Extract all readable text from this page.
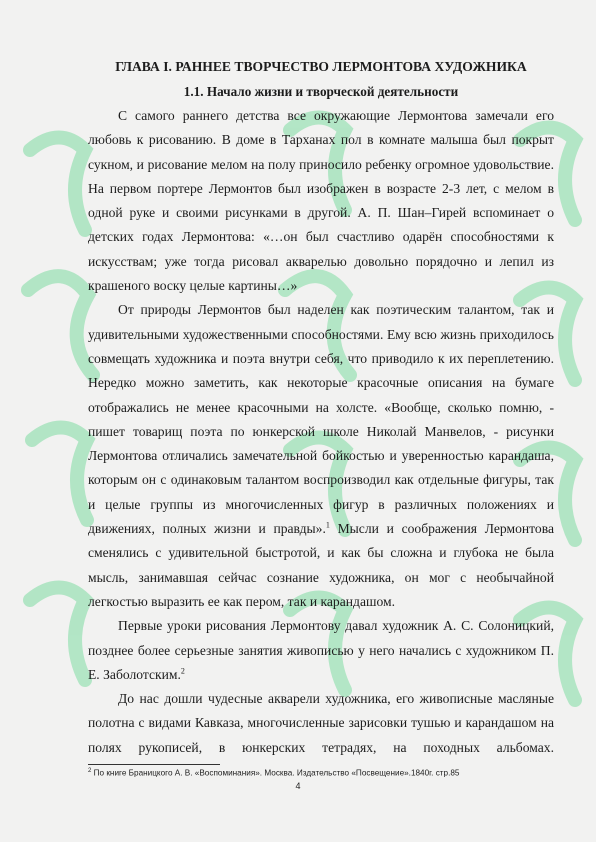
ГЛАВА I. РАННЕЕ ТВОРЧЕСТВО ЛЕРМОНТОВА ХУДОЖНИКА
1.1. Начало жизни и творческой деятельности

С самого раннего детства все окружающие Лермонтова замечали его любовь к рисованию. В доме в Тарханах пол в комнате малыша был покрыт сукном, и рисование мелом на полу приносило ребенку огромное удовольствие. На первом портере Лермонтов был изображен в возрасте 2-3 лет, с мелом в одной руке и своими рисунками в другой. А. П. Шан–Гирей вспоминает о детских годах Лермонтова: «…он был счастливо одарён способностями к искусствам; уже тогда рисовал акварелью довольно порядочно и лепил из крашеного воску целые картины…»

От природы Лермонтов был наделен как поэтическим талантом, так и удивительными художественными способностями. Ему всю жизнь приходилось совмещать художника и поэта внутри себя, что приводило к их переплетению. Нередко можно заметить, как некоторые красочные описания на бумаге отображались не менее красочными на холсте. «Вообще, сколько помню, - пишет товарищ поэта по юнкерской школе Николай Манвелов, - рисунки Лермонтова отличались замечательной бойкостью и уверенностью карандаша, которым он с одинаковым талантом воспроизводил как отдельные фигуры, так и целые группы из многочисленных фигур в различных положениях и движениях, полных жизни и правды».$^1$ Мысли и соображения Лермонтова сменялись с удивительной быстротой, и как бы сложна и глубока не была мысль, занимавшая сейчас сознание художника, он мог с необычайной легкостью выразить ее как пером, так и карандашом.

Первые уроки рисования Лермонтову давал художник А. С. Солоницкий, позднее более серьезные занятия живописью у него начались с художником П. Е. Заболотским.$^2$

До нас дошли чудесные акварели художника, его живописные масляные полотна с видами Кавказа, многочисленные зарисовки тушью и карандашом на полях рукописей, в юнкерских тетрадях, на походных альбомах.

$^2$ По книге Браницкого А. В. «Воспоминания». Москва. Издательство «Посвещение».1840г. стр.85
4
